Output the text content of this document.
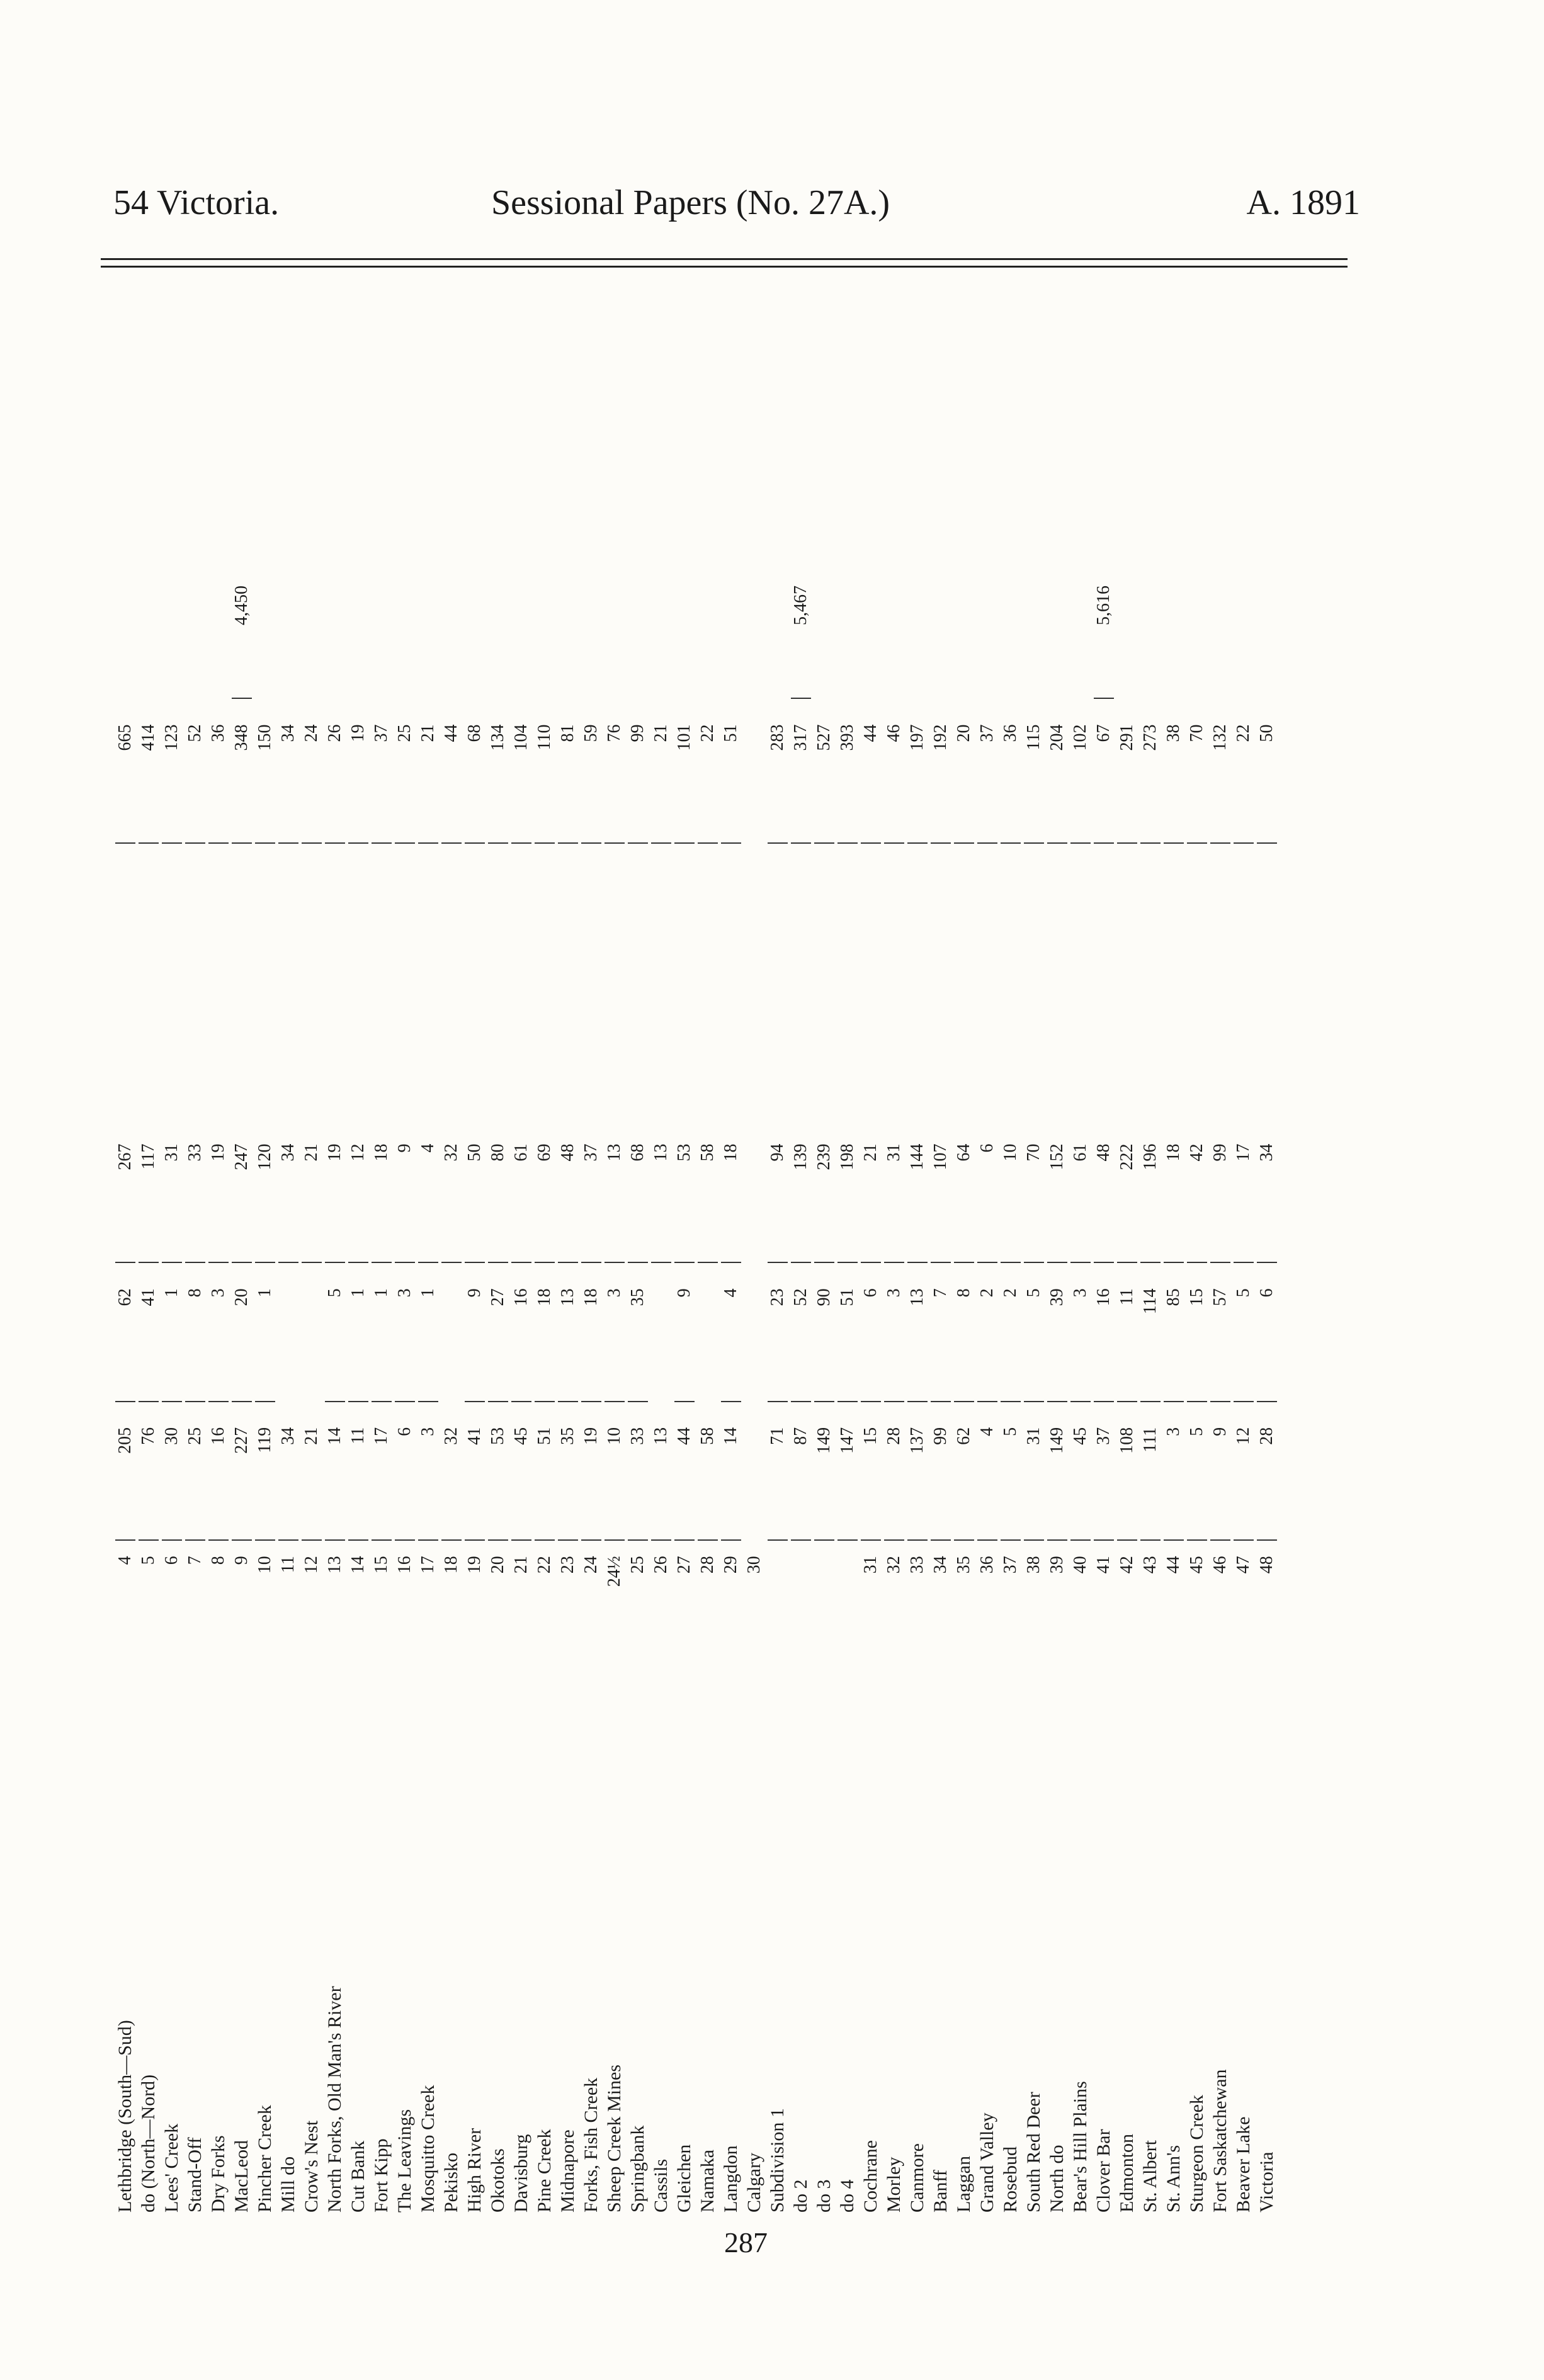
54 Victoria.	Sessional Papers (No. 27A.)	A. 1891
Lethbridge (South—Sud)
4
205
62
267
665
do (North—Nord)
5
76
41
117
414
Lees' Creek
6
30
1
31
123
Stand-Off
7
25
8
33
52
Dry Forks
8
16
3
19
36
MacLeod
9
227
20
247
348
4,450
Pincher Creek
10
119
1
120
150
Mill do
11
34
34
34
Crow's Nest
12
21
21
24
North Forks, Old Man's River
13
14
5
19
26
Cut Bank
14
11
1
12
19
Fort Kipp
15
17
1
18
37
The Leavings
16
6
3
9
25
Mosquitto Creek
17
3
1
4
21
Pekisko
18
32
32
44
High River
19
41
9
50
68
Okotoks
20
53
27
80
134
Davisburg
21
45
16
61
104
Pine Creek
22
51
18
69
110
Midnapore
23
35
13
48
81
Forks, Fish Creek
24
19
18
37
59
Sheep Creek Mines
24½
10
3
13
76
Springbank
25
33
35
68
99
Cassils
26
13
13
21
Gleichen
27
44
9
53
101
Namaka
28
58
58
22
Langdon
29
14
4
18
51
Calgary
30
Subdivision 1
71
23
94
283
do 2
87
52
139
317
5,467
do 3
149
90
239
527
do 4
147
51
198
393
Cochrane
31
15
6
21
44
Morley
32
28
3
31
46
Canmore
33
137
13
144
197
Banff
34
99
7
107
192
Laggan
35
62
8
64
20
Grand Valley
36
4
2
6
37
Rosebud
37
5
2
10
36
South Red Deer
38
31
5
70
115
North do
39
149
39
152
204
Bear's Hill Plains
40
45
3
61
102
Clover Bar
41
37
16
48
67
5,616
Edmonton
42
108
11
222
291
St. Albert
43
111
114
196
273
St. Ann's
44
3
85
18
38
Sturgeon Creek
45
5
15
42
70
Fort Saskatchewan
46
9
57
99
132
Beaver Lake
47
12
5
17
22
Victoria
48
28
6
34
50
287
